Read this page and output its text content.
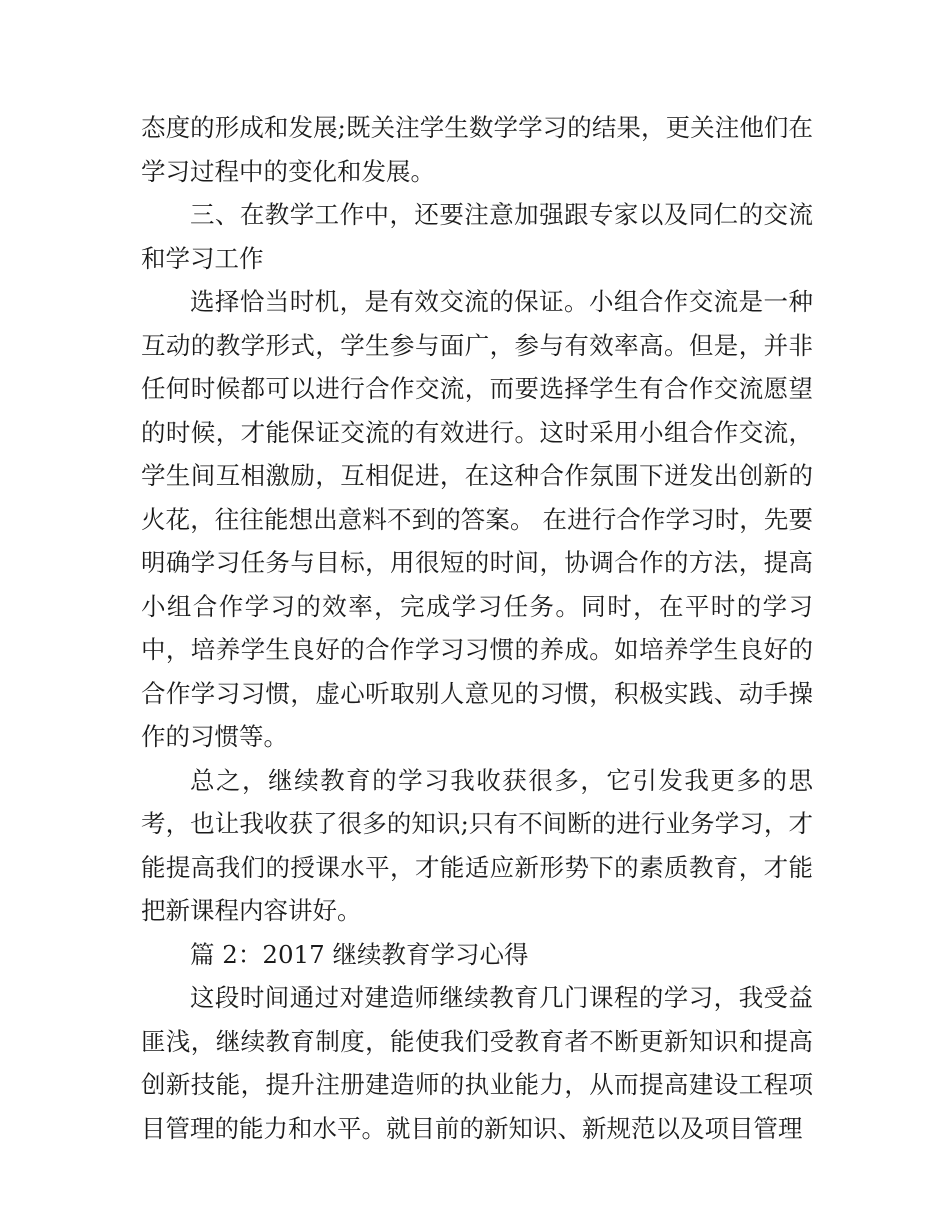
态度的形成和发展;既关注学生数学学习的结果，更关注他们在学习过程中的变化和发展。

三、在教学工作中，还要注意加强跟专家以及同仁的交流和学习工作

选择恰当时机，是有效交流的保证。小组合作交流是一种互动的教学形式，学生参与面广，参与有效率高。但是，并非任何时候都可以进行合作交流，而要选择学生有合作交流愿望的时候，才能保证交流的有效进行。这时采用小组合作交流，学生间互相激励，互相促进，在这种合作氛围下迸发出创新的火花，往往能想出意料不到的答案。 在进行合作学习时，先要明确学习任务与目标，用很短的时间，协调合作的方法，提高小组合作学习的效率，完成学习任务。同时，在平时的学习中，培养学生良好的合作学习习惯的养成。如培养学生良好的合作学习习惯，虚心听取别人意见的习惯，积极实践、动手操作的习惯等。

总之，继续教育的学习我收获很多，它引发我更多的思考，也让我收获了很多的知识;只有不间断的进行业务学习，才能提高我们的授课水平，才能适应新形势下的素质教育，才能把新课程内容讲好。

篇 2：2017 继续教育学习心得

这段时间通过对建造师继续教育几门课程的学习，我受益匪浅，继续教育制度，能使我们受教育者不断更新知识和提高创新技能，提升注册建造师的执业能力，从而提高建设工程项目管理的能力和水平。就目前的新知识、新规范以及项目管理
